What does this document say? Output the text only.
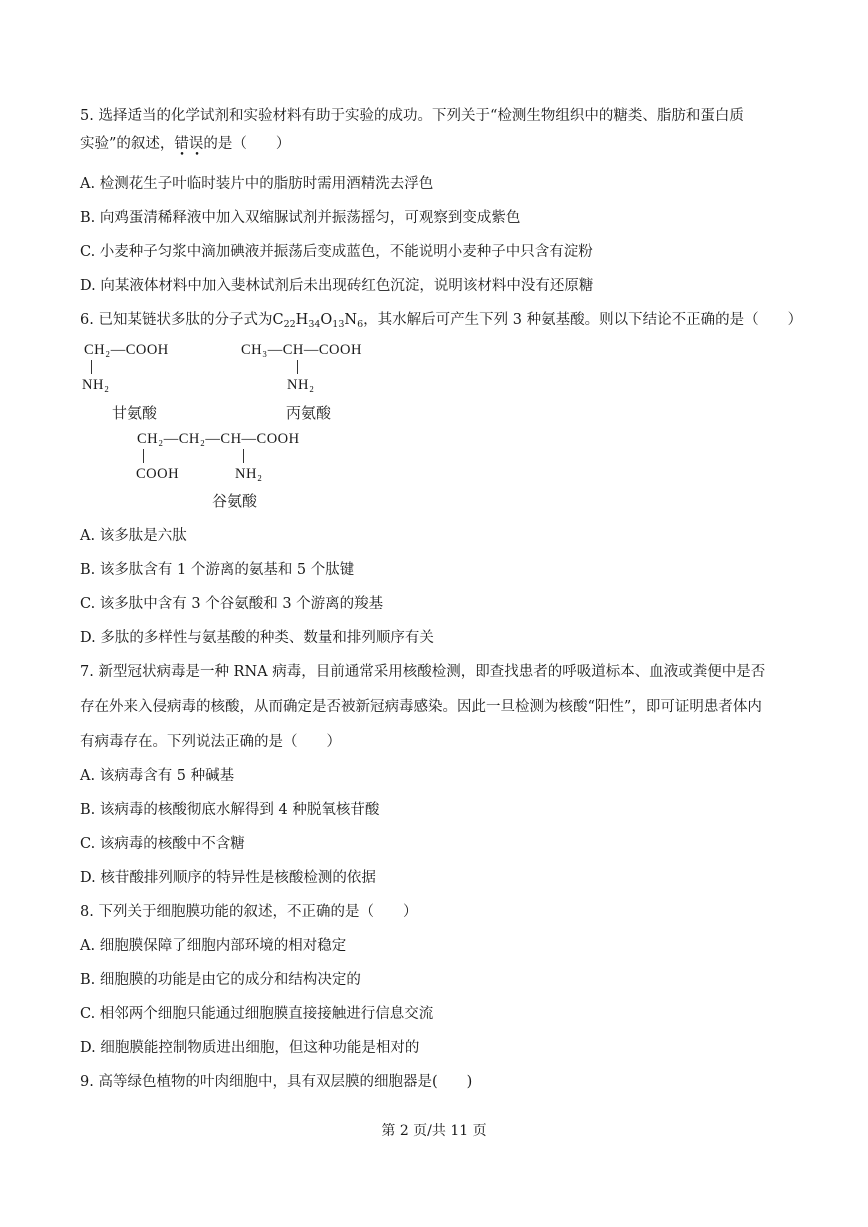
5. 选择适当的化学试剂和实验材料有助于实验的成功。下列关于“检测生物组织中的糖类、脂肪和蛋白质
实验”的叙述，错误
• •
的是（　　）
A. 检测花生子叶临时装片中的脂肪时需用酒精洗去浮色
B. 向鸡蛋清稀释液中加入双缩脲试剂并振荡摇匀，可观察到变成紫色
C. 小麦种子匀浆中滴加碘液并振荡后变成蓝色，不能说明小麦种子中只含有淀粉
D. 向某液体材料中加入斐林试剂后未出现砖红色沉淀，说明该材料中没有还原糖
6. 已知某链状多肽的分子式为$C_{22}H_{34}O_{13}N_6$，其水解后可产生下列 3 种氨基酸。则以下结论不正确的是（　　）
CH₂—COOH
NH₂
甘氨酸
CH₃—CH—COOH
NH₂
丙氨酸
CH₂—CH₂—CH—COOH
COOH	NH₂
谷氨酸
A. 该多肽是六肽
B. 该多肽含有 1 个游离的氨基和 5 个肽键
C. 该多肽中含有 3 个谷氨酸和 3 个游离的羧基
D. 多肽的多样性与氨基酸的种类、数量和排列顺序有关
7. 新型冠状病毒是一种 RNA 病毒，目前通常采用核酸检测，即查找患者的呼吸道标本、血液或粪便中是否
存在外来入侵病毒的核酸，从而确定是否被新冠病毒感染。因此一旦检测为核酸“阳性”，即可证明患者体内
有病毒存在。下列说法正确的是（　　）
A. 该病毒含有 5 种碱基
B. 该病毒的核酸彻底水解得到 4 种脱氧核苷酸
C. 该病毒的核酸中不含糖
D. 核苷酸排列顺序的特异性是核酸检测的依据
8. 下列关于细胞膜功能的叙述，不正确的是（　　）
A. 细胞膜保障了细胞内部环境的相对稳定
B. 细胞膜的功能是由它的成分和结构决定的
C. 相邻两个细胞只能通过细胞膜直接接触进行信息交流
D. 细胞膜能控制物质进出细胞，但这种功能是相对的
9. 高等绿色植物的叶肉细胞中，具有双层膜的细胞器是(　　)
第 2 页/共 11 页
